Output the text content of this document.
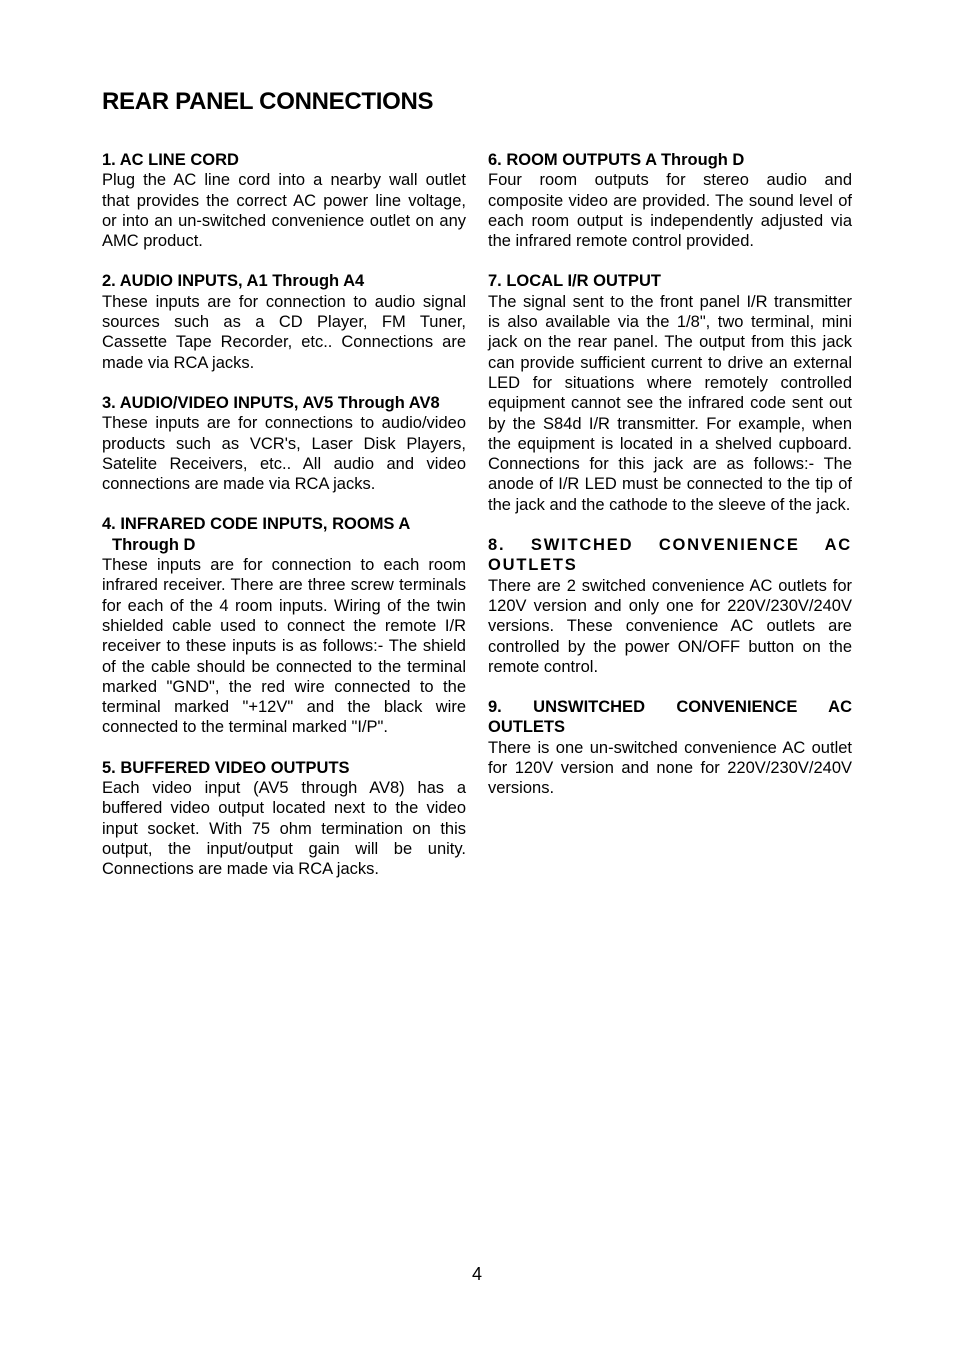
REAR PANEL CONNECTIONS

1. AC LINE CORD

Plug the AC line cord into a nearby wall outlet that provides the correct AC power line voltage, or into an un-switched convenience outlet on any AMC product.

2. AUDIO INPUTS, A1 Through A4

These inputs are for connection to audio signal sources such as a CD Player, FM Tuner, Cassette Tape Recorder, etc.. Connections are made via RCA jacks.

3. AUDIO/VIDEO INPUTS, AV5 Through AV8

These inputs are for connections to audio/video products such as VCR's, Laser Disk Players, Satelite Receivers, etc.. All audio and video connections are made via RCA jacks.

4. INFRARED CODE INPUTS, ROOMS A

Through D

These inputs are for connection to each room infrared receiver. There are three screw terminals for each of the 4 room inputs. Wiring of the twin shielded cable used to connect the remote I/R receiver to these inputs is as follows:- The shield of the cable should be connected to the terminal marked "GND", the red wire connected to the terminal marked "+12V" and the black wire connected to the terminal marked "I/P".

5. BUFFERED VIDEO OUTPUTS

Each video input (AV5 through AV8) has a buffered video output located next to the video input socket. With 75 ohm termination on this output, the input/output gain will be unity. Connections are made via RCA jacks.

6. ROOM OUTPUTS A Through D

Four room outputs for stereo audio and composite video are provided. The sound level of each room output is independently adjusted via the infrared remote control provided.

7. LOCAL I/R OUTPUT

The signal sent to the front panel I/R transmitter is also available via the 1/8", two terminal, mini jack on the rear panel. The output from this jack can provide sufficient current to drive an external LED for situations where remotely controlled equipment cannot see the infrared code sent out by the S84d I/R transmitter. For example, when the equipment is located in a shelved cupboard. Connections for this jack are as follows:- The anode of I/R LED must be connected to the tip of the jack and the cathode to the sleeve of the jack.

8. SWITCHED CONVENIENCE AC OUTLETS

There are 2 switched convenience AC outlets for 120V version and only one for 220V/230V/240V versions. These convenience AC outlets are controlled by the power ON/OFF button on the remote control.

9. UNSWITCHED CONVENIENCE AC OUTLETS

There is one un-switched convenience AC outlet for 120V version and none for 220V/230V/240V versions.

4
